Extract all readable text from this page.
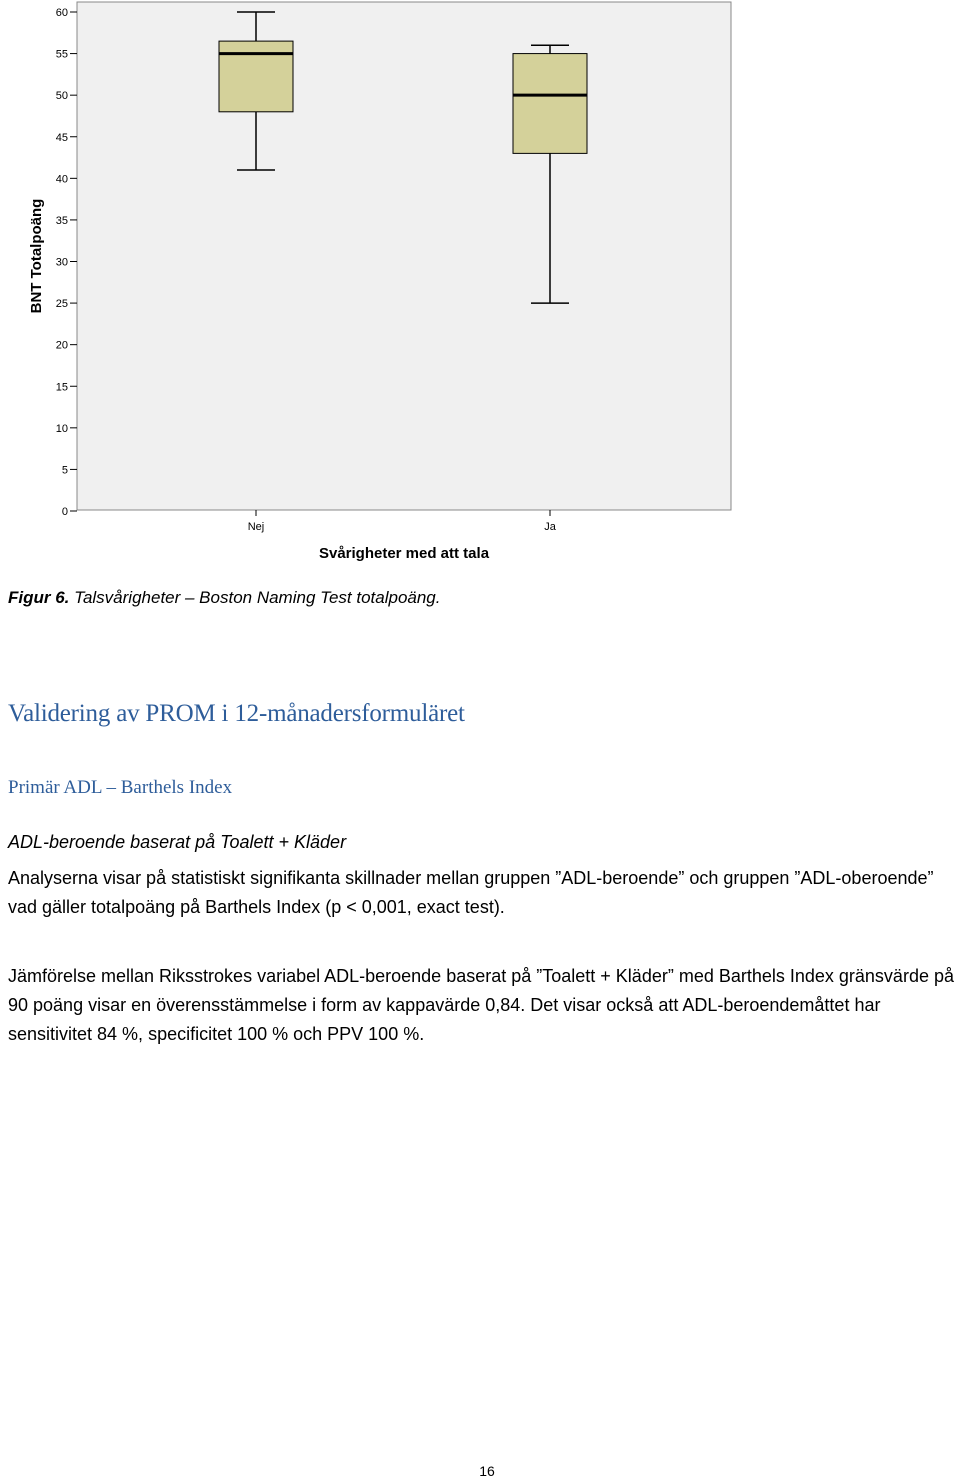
0
5
10
15
20
25
30
35
40
45
50
55
60
Nej	Ja
BNT Totalpoäng
Svårigheter med att tala
Figur 6. Talsvårigheter – Boston Naming Test totalpoäng.
Validering av PROM i 12-månadersformuläret
Primär ADL – Barthels Index
ADL-beroende baserat på Toalett + Kläder
Analyserna visar på statistiskt signifikanta skillnader mellan gruppen ”ADL-beroende” och gruppen ”ADL-oberoende” vad gäller totalpoäng på Barthels Index (p < 0,001, exact test).
Jämförelse mellan Riksstrokes variabel ADL-beroende baserat på ”Toalett + Kläder” med Barthels Index gränsvärde på 90 poäng visar en överensstämmelse i form av kappavärde 0,84. Det visar också att ADL-beroendemåttet har sensitivitet 84 %, specificitet 100 % och PPV 100 %.
16
